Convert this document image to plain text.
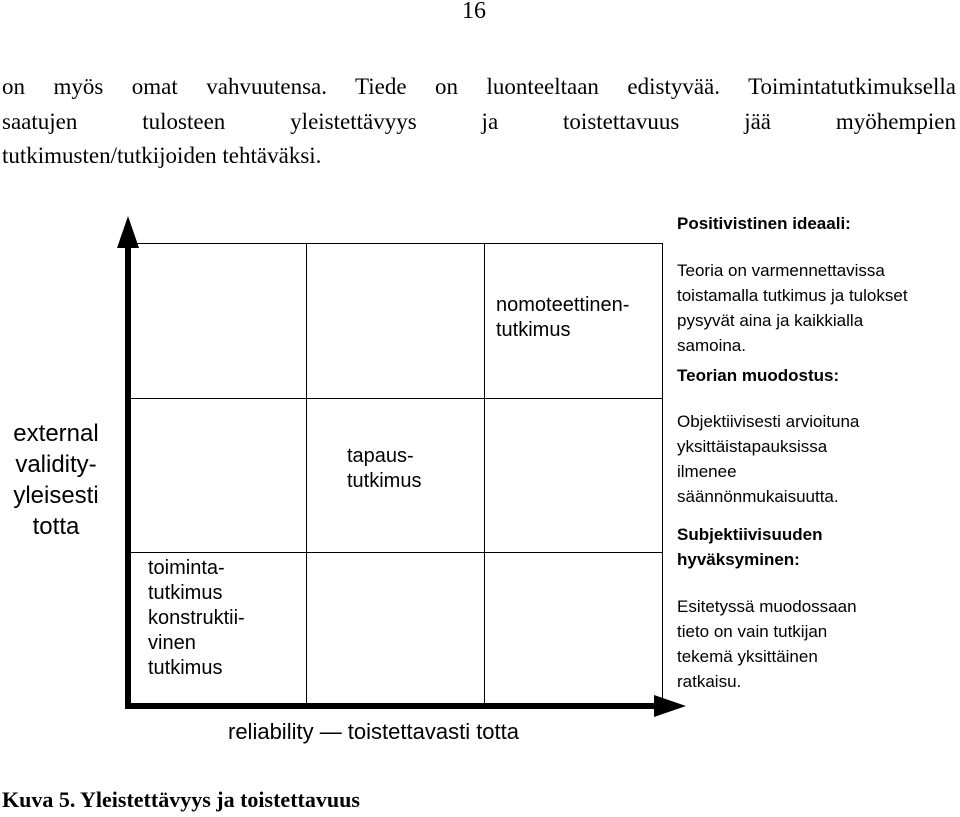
16
on myös omat vahvuutensa. Tiede on luonteeltaan edistyvää. Toimintatutkimuksella
saatujen tulosteen yleistettävyys ja toistettavuus jää myöhempien
tutkimusten/tutkijoiden tehtäväksi.
nomoteettinen-
tutkimus
tapaus-
tutkimus
toiminta-
tutkimus
konstruktii-
vinen
tutkimus
external
validity-
yleisesti
totta
reliability — toistettavasti totta
Positivistinen ideaali:
Teoria on varmennettavissa
toistamalla tutkimus ja tulokset
pysyvät aina ja kaikkialla
samoina.
Teorian muodostus:
Objektiivisesti arvioituna
yksittäistapauksissa
ilmenee
säännönmukaisuutta.
Subjektiivisuuden
hyväksyminen:
Esitetyssä muodossaan
tieto on vain tutkijan
tekemä yksittäinen
ratkaisu.
Kuva 5. Yleistettävyys ja toistettavuus
